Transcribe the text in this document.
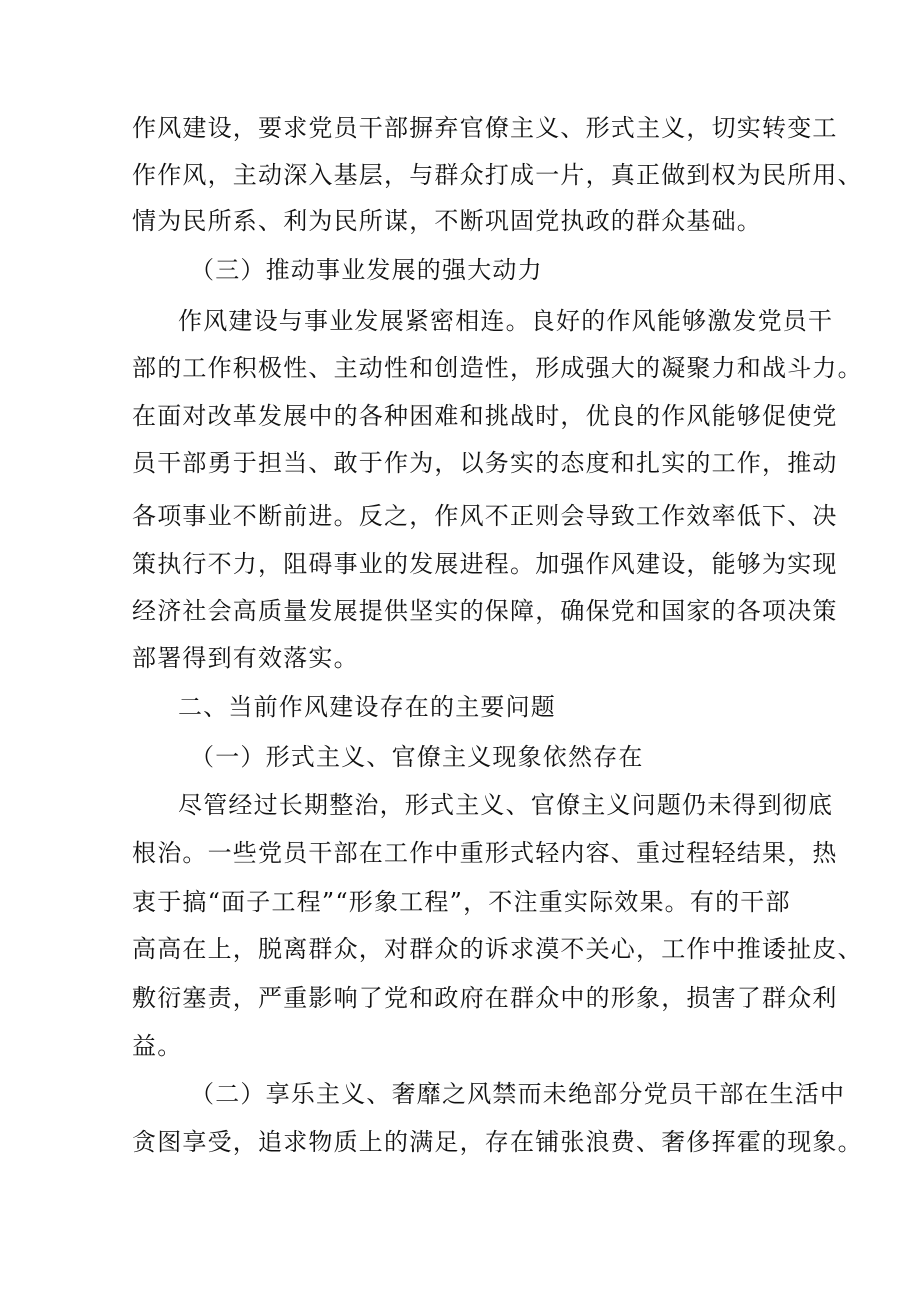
作风建设，要求党员干部摒弃官僚主义、形式主义，切实转变工
作作风，主动深入基层，与群众打成一片，真正做到权为民所用、
情为民所系、利为民所谋，不断巩固党执政的群众基础。
（三）推动事业发展的强大动力
作风建设与事业发展紧密相连。良好的作风能够激发党员干
部的工作积极性、主动性和创造性，形成强大的凝聚力和战斗力。
在面对改革发展中的各种困难和挑战时，优良的作风能够促使党
员干部勇于担当、敢于作为，以务实的态度和扎实的工作，推动
各项事业不断前进。反之，作风不正则会导致工作效率低下、决
策执行不力，阻碍事业的发展进程。加强作风建设，能够为实现
经济社会高质量发展提供坚实的保障，确保党和国家的各项决策
部署得到有效落实。
二、当前作风建设存在的主要问题
（一）形式主义、官僚主义现象依然存在
尽管经过长期整治，形式主义、官僚主义问题仍未得到彻底
根治。一些党员干部在工作中重形式轻内容、重过程轻结果，热
衷于搞“面子工程”“形象工程”，不注重实际效果。有的干部
高高在上，脱离群众，对群众的诉求漠不关心，工作中推诿扯皮、
敷衍塞责，严重影响了党和政府在群众中的形象，损害了群众利
益。
（二）享乐主义、奢靡之风禁而未绝部分党员干部在生活中
贪图享受，追求物质上的满足，存在铺张浪费、奢侈挥霍的现象。
